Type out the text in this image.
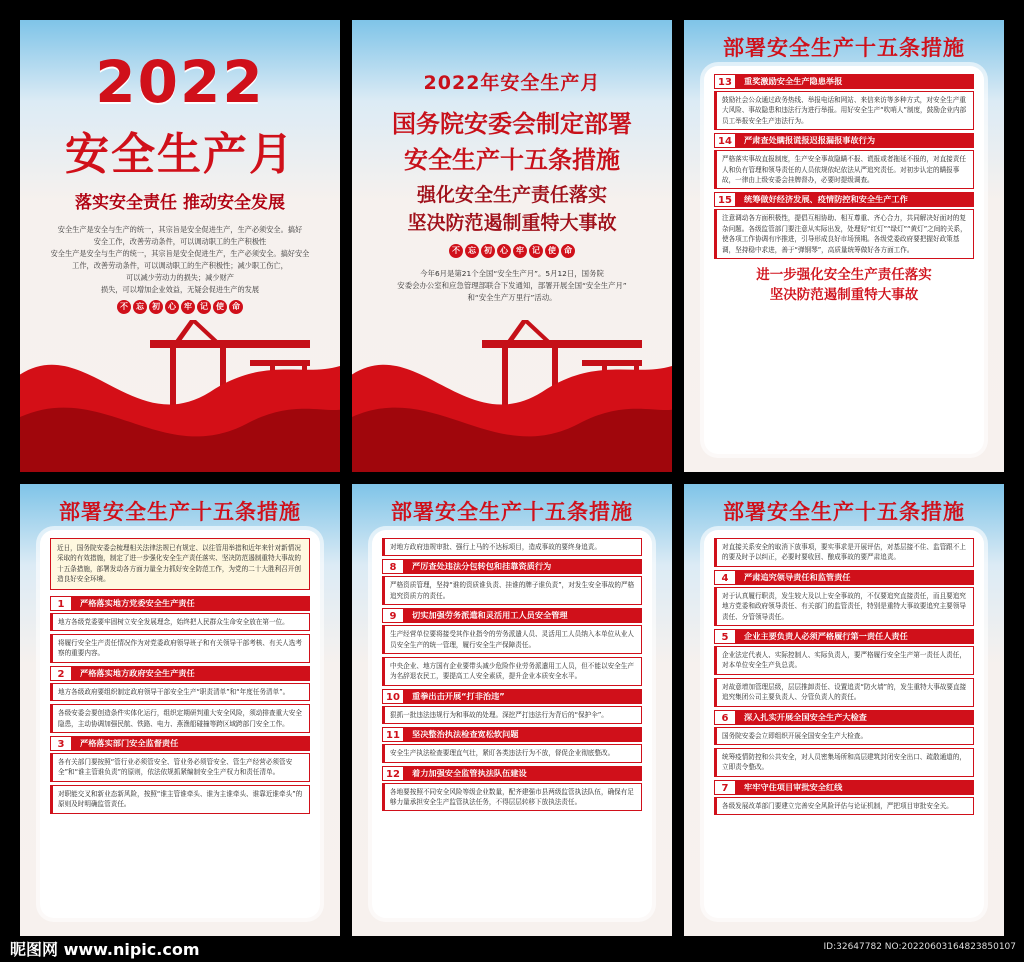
2022
安全生产月
落实安全责任 推动安全发展
安全生产是安全与生产的统一，其宗旨是安全促进生产，生产必须安全。搞好
安全工作，改善劳动条件，可以调动职工的生产积极性
安全生产是安全与生产的统一，其宗旨是安全促进生产，生产必须安全。搞好安全
工作，改善劳动条件，可以调动职工的生产积极性；减少职工伤亡，
可以减少劳动力的损失；减少财产
损失，可以增加企业效益，无疑会促进生产的发展
不	忘	初	心	牢	记	使	命
2022年安全生产月
国务院安委会制定部署
安全生产十五条措施
强化安全生产责任落实
坚决防范遏制重特大事故
不	忘	初	心	牢	记	使	命
今年6月是第21个全国“安全生产月”。5月12日，国务院
安委会办公室和应急管理部联合下发通知，部署开展全国“安全生产月”
和“安全生产万里行”活动。
部署安全生产十五条措施
13	重奖激励安全生产隐患举报
鼓励社会公众通过政务热线、举报电话和网站、来信来访等多种方式，对安全生产重大风险、事故隐患和违法行为进行举报。用好安全生产“吹哨人”制度，鼓励企业内部员工举报安全生产违法行为。
14	严肃查处瞒报谎报迟报漏报事故行为
严格落实事故直报制度，生产安全事故隐瞒不报、谎报或者拖延不报的，对直接责任人和负有管理和领导责任的人员依规依纪依法从严追究责任。对初步认定的瞒报事故，一律由上级安委会挂牌督办，必要时提级调查。
15	统筹做好经济发展、疫情防控和安全生产工作
注意调动各方面积极性，提倡互相协助、相互尊重、齐心合力，共同解决好面对的复杂问题。各级监管部门要注意从实际出发，处理好“红灯”“绿灯”“黄灯”之间的关系，使各项工作协调有序推进，引导形成良好市场预期。各级党委政府要把握好政策基调，坚持稳中求进，善于“弹钢琴”，高质量统筹做好各方面工作。
进一步强化安全生产责任落实
坚决防范遏制重特大事故
部署安全生产十五条措施
近日，国务院安委会梳理相关法律法规已有规定、以往管用举措和近年来针对新情况采取的有效措施，制定了进一步强化安全生产责任落实、坚决防范遏制重特大事故的十五条措施，部署发动各方面力量全力抓好安全防范工作，为党的二十大胜利召开创造良好安全环境。
1	严格落实地方党委安全生产责任
地方各级党委要牢固树立安全发展理念，始终把人民群众生命安全放在第一位。
将履行安全生产责任情况作为对党委政府领导班子和有关领导干部考核、有关人选考察的重要内容。
2	严格落实地方政府安全生产责任
地方各级政府要组织制定政府领导干部安全生产“职责清单”和“年度任务清单”。
各级安委会要创造条件实体化运行，组织定期研判重大安全风险，须动排查重大安全隐患，主动协调加强民航、铁路、电力、燕渔船碰撞等跨区域跨部门安全工作。
3	严格落实部门安全监督责任
各有关部门要按照“管行业必须管安全、管业务必须管安全、管生产经营必须管安全”和“谁主管谁负责”的原则，依法依规抓紧编制安全生产权力和责任清单。
对职能交叉和新业态新风险，按照“谁主管谁牵头、谁为主谁牵头、谁靠近谁牵头”的原则及时明确监管责任。
部署安全生产十五条措施
对地方政府违规审批、强行上马的不达标项目，造成事故的要终身追责。
8	严厉查处违法分包转包和挂靠资质行为
严格资质管理，坚持“谁的资质谁负责、挂谁的牌子谁负责”，对发生安全事故的严格追究资质方的责任。
9	切实加强劳务派遣和灵活用工人员安全管理
生产经营单位要将接受其作业指令的劳务派遣人员、灵活用工人员纳入本单位从业人员安全生产的统一管理，履行安全生产保障责任。
中央企业、地方国有企业要带头减少危险作业劳务派遣用工人员，但不能以安全生产为名辞退农民工，要提高工人安全素质，提升企业本质安全水平。
10	重拳出击开展“打非治违”
狠抓一批违法违规行为和事故的处理。深挖严打违法行为背后的“保护伞”。
11	坚决整治执法检查宽松软问题
安全生产执法检查要理直气壮，紧盯各类违法行为不放，督促企业彻底整改。
12	着力加强安全监管执法队伍建设
各地要按照不同安全风险等级企业数量，配齐建强市县两级监管执法队伍，确保有足够力量承担安全生产监管执法任务，不得层层转移下放执法责任。
部署安全生产十五条措施
对直接关系安全的取消下放事项，要实事求是开展评估，对基层接不住、监管跟不上的要及时予以纠正，必要时要收回、酿成事故的要严肃追责。
4	严肃追究领导责任和监管责任
对于认真履行职责，发生较大及以上安全事故的，不仅要追究直接责任，而且要追究地方党委和政府领导责任、有关部门的监管责任，特别是重特大事故要追究主要领导责任、分管领导责任。
5	企业主要负责人必须严格履行第一责任人责任
企业法定代表人、实际控制人、实际负责人，要严格履行安全生产第一责任人责任，对本单位安全生产负总责。
对故意增加管理层级，层层推卸责任、设置追责“防火墙”的，发生重特大事故要直接追究集团公司主要负责人、分管负责人的责任。
6	深入扎实开展全国安全生产大检查
国务院安委会立即组织开展全国安全生产大检查。
统筹疫情防控和公共安全，对人员密集场所和高层建筑封闭安全出口、疏散通道的，立即责令整改。
7	牢牢守住项目审批安全红线
各级发展改革部门要建立完善安全风险评估与论证机制，严把项目审批安全关。
昵图网 www.nipic.com	ID:32647782 NO:20220603164823850107
